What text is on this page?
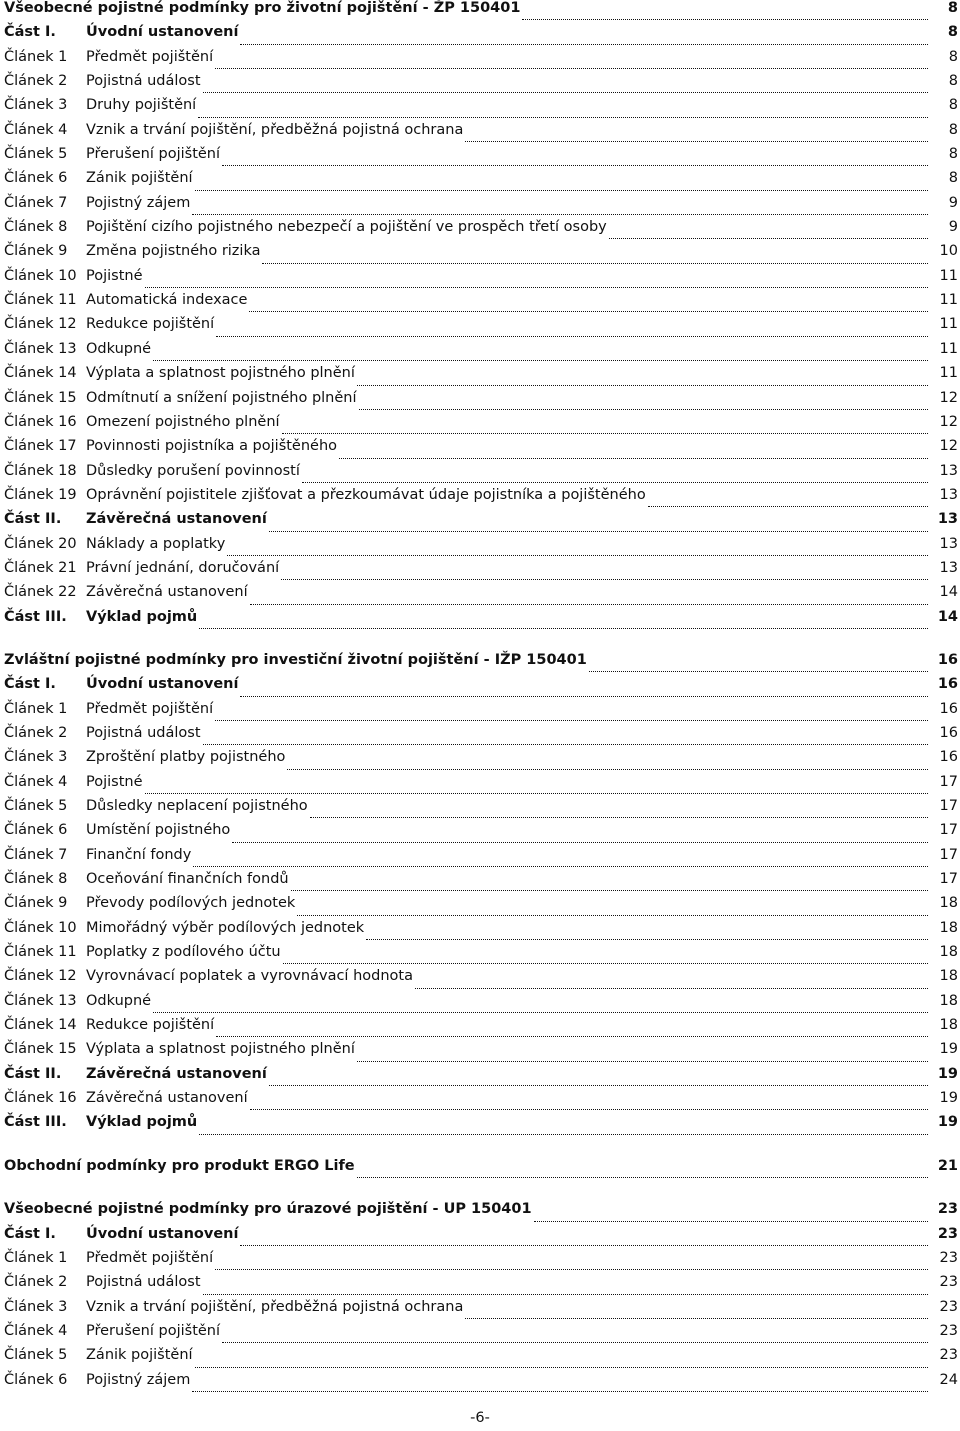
Všeobecné pojistné podmínky pro životní pojištění - ŽP 150401	8
Část I.	Úvodní ustanovení	8
Článek 1	Předmět pojištění	8
Článek 2	Pojistná událost	8
Článek 3	Druhy pojištění	8
Článek 4	Vznik a trvání pojištění, předběžná pojistná ochrana	8
Článek 5	Přerušení pojištění	8
Článek 6	Zánik pojištění	8
Článek 7	Pojistný zájem	9
Článek 8	Pojištění cizího pojistného nebezpečí a pojištění ve prospěch třetí osoby	9
Článek 9	Změna pojistného rizika	10
Článek 10 Pojistné	11
Článek 11 Automatická indexace	11
Článek 12 Redukce pojištění	11
Článek 13 Odkupné	11
Článek 14 Výplata a splatnost pojistného plnění	11
Článek 15 Odmítnutí a snížení pojistného plnění	12
Článek 16 Omezení pojistného plnění	12
Článek 17 Povinnosti pojistníka a pojištěného	12
Článek 18 Důsledky porušení povinností	13
Článek 19 Oprávnění pojistitele zjišťovat a přezkoumávat údaje pojistníka a pojištěného	13
Část II.	Závěrečná ustanovení	13
Článek 20 Náklady a poplatky	13
Článek 21 Právní jednání, doručování	13
Článek 22 Závěrečná ustanovení	14
Část III.	Výklad pojmů	14
Zvláštní pojistné podmínky pro investiční životní pojištění - IŽP 150401	16
Část I.	Úvodní ustanovení	16
Článek 1	Předmět pojištění	16
Článek 2	Pojistná událost	16
Článek 3	Zproštění platby pojistného	16
Článek 4	Pojistné	17
Článek 5	Důsledky neplacení pojistného	17
Článek 6	Umístění pojistného	17
Článek 7	Finanční fondy	17
Článek 8	Oceňování finančních fondů	17
Článek 9	Převody podílových jednotek	18
Článek 10 Mimořádný výběr podílových jednotek	18
Článek 11 Poplatky z podílového účtu	18
Článek 12 Vyrovnávací poplatek a vyrovnávací hodnota	18
Článek 13 Odkupné	18
Článek 14 Redukce pojištění	18
Článek 15 Výplata a splatnost pojistného plnění	19
Část II.	Závěrečná ustanovení	19
Článek 16 Závěrečná ustanovení	19
Část III.	Výklad pojmů	19
Obchodní podmínky pro produkt ERGO Life	21
Všeobecné pojistné podmínky pro úrazové pojištění - UP 150401	23
Část I.	Úvodní ustanovení	23
Článek 1	Předmět pojištění	23
Článek 2	Pojistná událost	23
Článek 3	Vznik a trvání pojištění, předběžná pojistná ochrana	23
Článek 4	Přerušení pojištění	23
Článek 5	Zánik pojištění	23
Článek 6	Pojistný zájem	24
-6-
